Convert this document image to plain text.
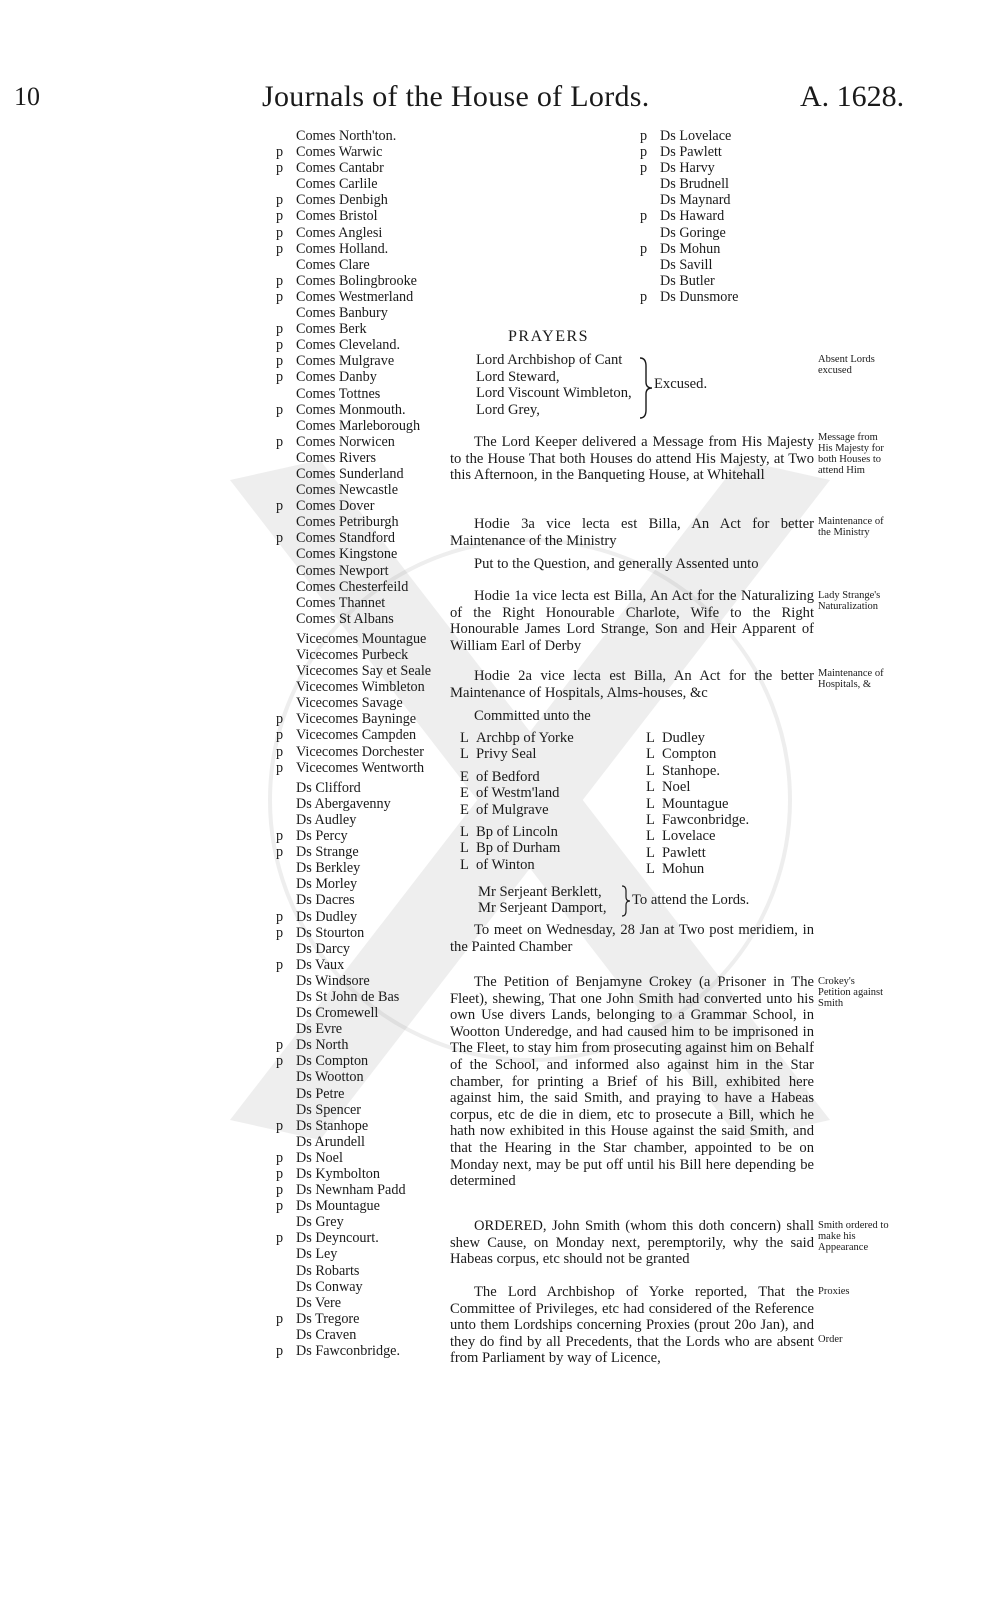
10	Journals of the House of Lords.	A. 1628.
Comes North'ton.
p Comes Warwic
p Comes Cantabr
Comes Carlile
p Comes Denbigh
p Comes Bristol
p Comes Anglesi
p Comes Holland.
Comes Clare
p Comes Bolingbrooke
p Comes Westmerland
Comes Banbury
p Comes Berk
p Comes Cleveland.
p Comes Mulgrave
p Comes Danby
Comes Tottnes
p Comes Monmouth.
Comes Marleborough
p Comes Norwicen
Comes Rivers
Comes Sunderland
Comes Newcastle
p Comes Dover
Comes Petriburgh
p Comes Standford
Comes Kingstone
Comes Newport
Comes Chesterfeild
Comes Thannet
Comes St Albans
Vicecomes Mountague
Vicecomes Purbeck
Vicecomes Say et Seale
Vicecomes Wimbleton
Vicecomes Savage
p Vicecomes Bayninge
p Vicecomes Campden
p Vicecomes Dorchester
p Vicecomes Wentworth
Ds Clifford
Ds Abergavenny
Ds Audley
p Ds Percy
p Ds Strange
Ds Berkley
Ds Morley
Ds Dacres
p Ds Dudley
p Ds Stourton
Ds Darcy
p Ds Vaux
Ds Windsore
Ds St John de Bas
Ds Cromewell
Ds Evre
p Ds North
p Ds Compton
Ds Wootton
Ds Petre
Ds Spencer
p Ds Stanhope
Ds Arundell
p Ds Noel
p Ds Kymbolton
p Ds Newnham Padd
p Ds Mountague
Ds Grey
p Ds Deyncourt.
Ds Ley
Ds Robarts
Ds Conway
Ds Vere
p Ds Tregore
Ds Craven
p Ds Fawconbridge.
p Ds Lovelace
p Ds Pawlett
p Ds Harvy
Ds Brudnell
Ds Maynard
p Ds Haward
Ds Goringe
p Ds Mohun
Ds Savill
Ds Butler
p Ds Dunsmore
PRAYERS
Lord Archbishop of Cant
Lord Steward,
Lord Viscount Wimbleton,
Lord Grey,
Excused.

The Lord Keeper delivered a Message from His Majesty to the House That both Houses do attend His Majesty, at Two this Afternoon, in the Banqueting House, at Whitehall

Hodie 3a vice lecta est Billa, An Act for better Maintenance of the Ministry

Put to the Question, and generally Assented unto

Hodie 1a vice lecta est Billa, An Act for the Naturalizing of the Right Honourable Charlote, Wife to the Right Honourable James Lord Strange, Son and Heir Apparent of William Earl of Derby

Hodie 2a vice lecta est Billa, An Act for the better Maintenance of Hospitals, Alms-houses, &c

Committed unto the

L Archbp of Yorke
L Privy Seal
E of Bedford
E of Westm'land
E of Mulgrave
L Bp of Lincoln
L Bp of Durham
L of Winton
L Dudley
L Compton
L Stanhope.
L Noel
L Mountague
L Fawconbridge.
L Lovelace
L Pawlett
L Mohun
Mr Serjeant Berklett,
Mr Serjeant Damport,
To attend the Lords.

To meet on Wednesday, 28 Jan at Two post meridiem, in the Painted Chamber

The Petition of Benjamyne Crokey (a Prisoner in The Fleet), shewing, That one John Smith had converted unto his own Use divers Lands, belonging to a Grammar School, in Wootton Underedge, and had caused him to be imprisoned in The Fleet, to stay him from prosecuting against him on Behalf of the School, and informed also against him in the Star chamber, for printing a Brief of his Bill, exhibited here against him, the said Smith, and praying to have a Habeas corpus, etc de die in diem, etc to prosecute a Bill, which he hath now exhibited in this House against the said Smith, and that the Hearing in the Star chamber, appointed to be on Monday next, may be put off until his Bill here depending be determined

ORDERED, John Smith (whom this doth concern) shall shew Cause, on Monday next, peremptorily, why the said Habeas corpus, etc should not be granted

The Lord Archbishop of Yorke reported, That the Committee of Privileges, etc had considered of the Reference unto them Lordships concerning Proxies (prout 20o Jan), and they do find by all Precedents, that the Lords who are absent from Parliament by way of Licence,

Absent Lords excused
Message from His Majesty for both Houses to attend Him
Maintenance of the Ministry
Lady Strange's Naturalization
Maintenance of Hospitals, &
Crokey's Petition against Smith
Smith ordered to make his Appearance
Proxies
Order
